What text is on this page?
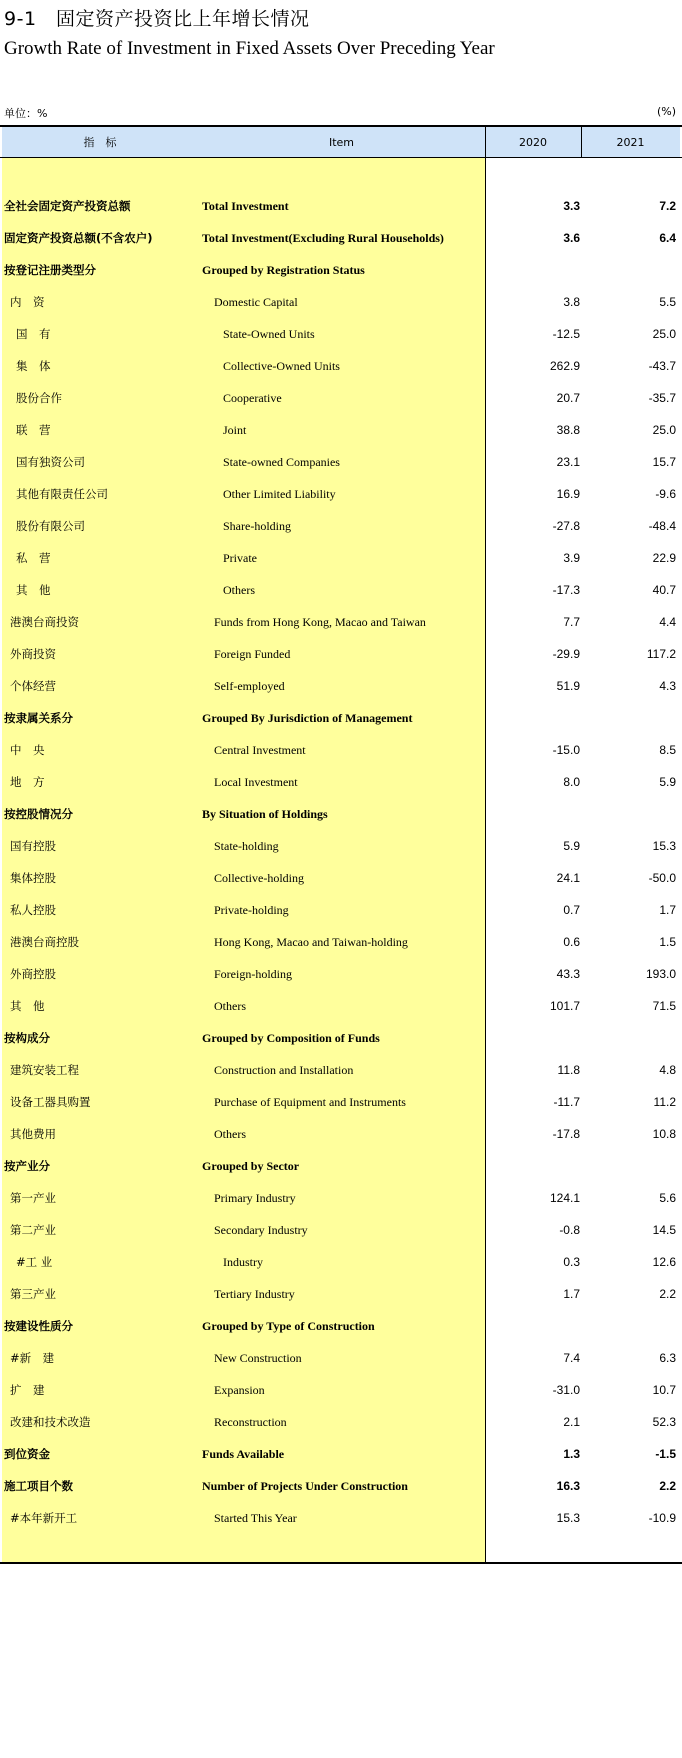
9-1　固定资产投资比上年增长情况
Growth Rate of Investment in Fixed Assets Over Preceding Year
单位：%	(%)
指　标	Item	2020	2021
全社会固定资产投资总额	Total Investment	3.3	7.2
固定资产投资总额(不含农户)	Total Investment(Excluding Rural Households)	3.6	6.4
按登记注册类型分	Grouped by Registration Status
内　资	Domestic Capital	3.8	5.5
国　有	State-Owned Units	-12.5	25.0
集　体	Collective-Owned Units	262.9	-43.7
股份合作	Cooperative	20.7	-35.7
联　营	Joint	38.8	25.0
国有独资公司	State-owned Companies	23.1	15.7
其他有限责任公司	Other Limited Liability	16.9	-9.6
股份有限公司	Share-holding	-27.8	-48.4
私　营	Private	3.9	22.9
其　他	Others	-17.3	40.7
港澳台商投资	Funds from Hong Kong, Macao and Taiwan	7.7	4.4
外商投资	Foreign Funded	-29.9	117.2
个体经营	Self-employed	51.9	4.3
按隶属关系分	Grouped By Jurisdiction of Management
中　央	Central Investment	-15.0	8.5
地　方	Local Investment	8.0	5.9
按控股情况分	By Situation of Holdings
国有控股	State-holding	5.9	15.3
集体控股	Collective-holding	24.1	-50.0
私人控股	Private-holding	0.7	1.7
港澳台商控股	Hong Kong, Macao and Taiwan-holding	0.6	1.5
外商控股	Foreign-holding	43.3	193.0
其　他	Others	101.7	71.5
按构成分	Grouped by Composition of Funds
建筑安装工程	Construction and Installation	11.8	4.8
设备工器具购置	Purchase of Equipment and Instruments	-11.7	11.2
其他费用	Others	-17.8	10.8
按产业分	Grouped by Sector
第一产业	Primary Industry	124.1	5.6
第二产业	Secondary Industry	-0.8	14.5
#工 业	Industry	0.3	12.6
第三产业	Tertiary Industry	1.7	2.2
按建设性质分	Grouped by Type of Construction
#新　建	New Construction	7.4	6.3
扩　建	Expansion	-31.0	10.7
改建和技术改造	Reconstruction	2.1	52.3
到位资金	Funds Available	1.3	-1.5
施工项目个数	Number of Projects Under Construction	16.3	2.2
#本年新开工	Started This Year	15.3	-10.9
